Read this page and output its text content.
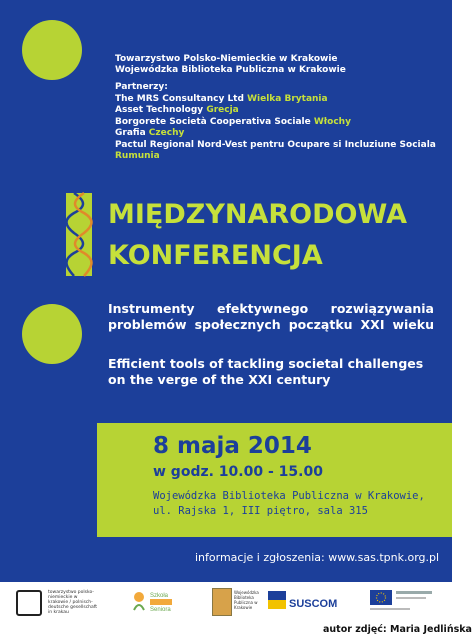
Towarzystwo Polsko-Niemieckie w Krakowie
Wojewódzka Biblioteka Publiczna w Krakowie
Partnerzy:
The MRS Consultancy Ltd Wielka Brytania
Asset Technology Grecja
Borgorete Società Cooperativa Sociale Włochy
Grafia Czechy
Pactul Regional Nord-Vest pentru Ocupare si Incluziune Sociala Rumunia
MIĘDZYNARODOWA
KONFERENCJA
Instrumenty efektywnego rozwiązywania problemów społecznych początku XXI wieku
Efficient tools of tackling societal challenges on the verge of the XXI century
8 maja 2014
w godz. 10.00 - 15.00
Wojewódzka Biblioteka Publiczna w Krakowie,
ul. Rajska 1, III piętro, sala 315
informacje i zgłoszenia: www.sas.tpnk.org.pl
towarzystwo polsko-niemieckie w krakowie / polnisch-deutsche gesellschaft in krakau
Szkoła
Seniora
Wojewódzka Biblioteka Publiczna w Krakowie	SUSCOM
autor zdjęć: Maria Jedlińska
